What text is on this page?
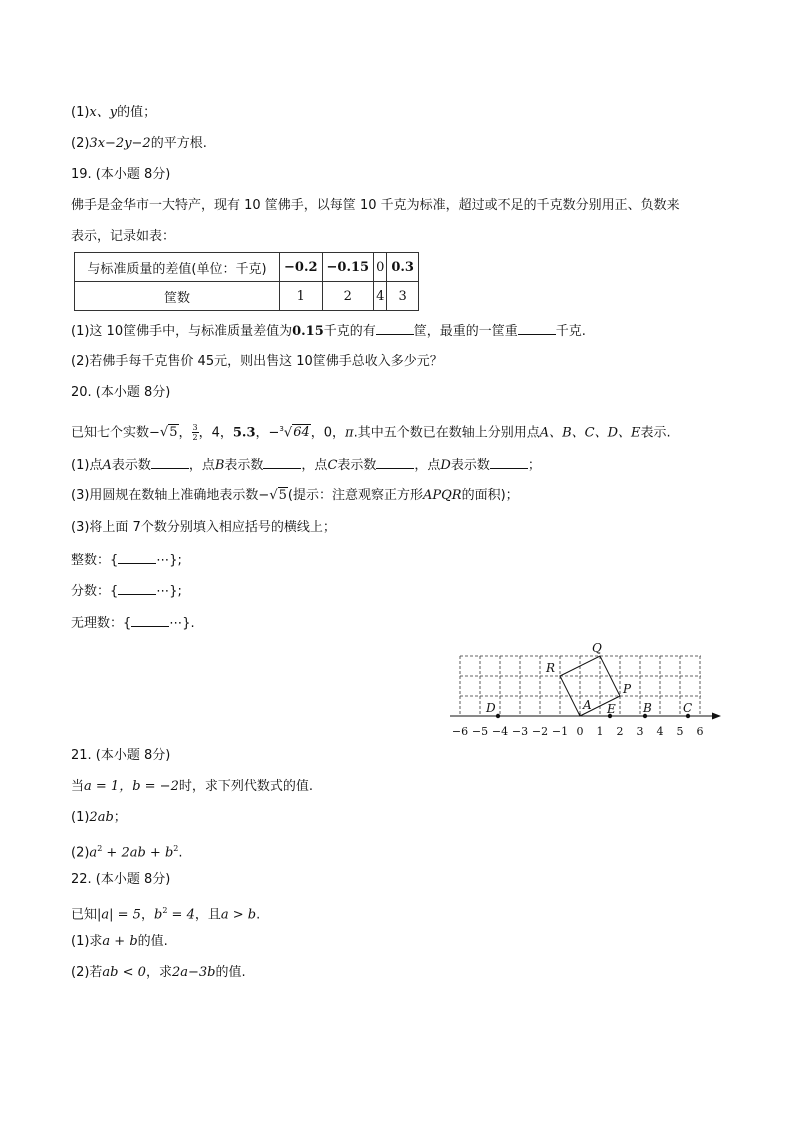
(1)x、y的值；
(2)3x−2y−2的平方根.
19. (本小题 8分)
佛手是金华市一大特产，现有 10 筐佛手，以每筐 10 千克为标准，超过或不足的千克数分别用正、负数来
表示，记录如表：
与标准质量的差值(单位：千克)	−0.2	−0.15	0	0.3
筐数	1	2	4	3
(1)这 10筐佛手中，与标准质量差值为0.15千克的有	筐，最重的一筐重	千克.
(2)若佛手每千克售价 45元，则出售这 10筐佛手总收入多少元？
20. (本小题 8分)
已知七个实数−√5， $\frac{3}{2}$ ，4，5.3，−$^3$√64，0，π.其中五个数已在数轴上分别用点A、B、C、D、E表示.
(1)点A表示数	，点B表示数	，点C表示数	，点D表示数	；
(3)用圆规在数轴上准确地表示数−√5(提示：注意观察正方形APQR的面积)；
(3)将上面 7个数分别填入相应括号的横线上；
整数：{	⋯};
分数：{	⋯};
无理数：{	⋯}.
−6 −5 −4 −3 −2 −1 0 1 2 3 4 5 6
Q
R
P
A E B	C
D
21. (本小题 8分)
当a = 1，b = −2时，求下列代数式的值.
(1)2ab；
$(2)a^2 + 2ab + b^2$.
22. (本小题 8分)
已知|a| = 5，$b^2 = 4$，且a > b.
(1)求a + b的值.
(2)若ab < 0，求2a−3b的值.
